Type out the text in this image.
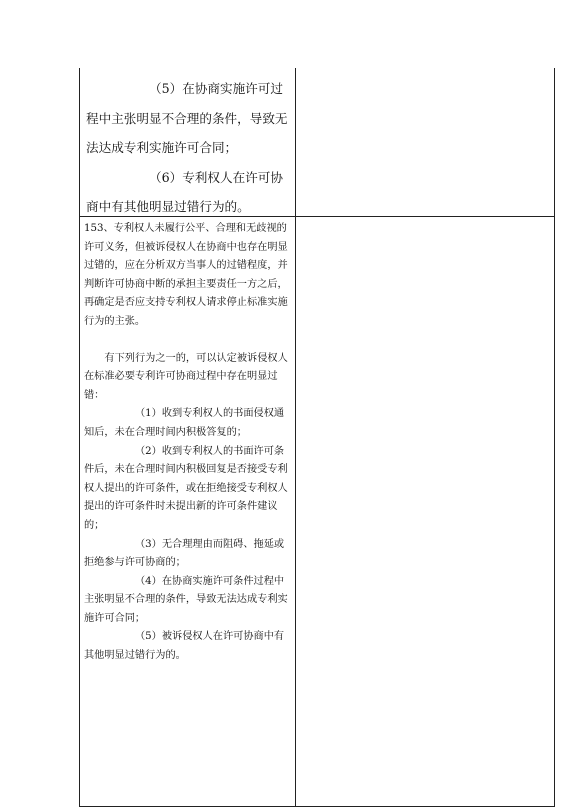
（5）在协商实施许可过程中主张明显不合理的条件，导致无法达成专利实施许可合同；

（6）专利权人在许可协商中有其他明显过错行为的。

153、专利权人未履行公平、合理和无歧视的许可义务，但被诉侵权人在协商中也存在明显过错的，应在分析双方当事人的过错程度，并判断许可协商中断的承担主要责任一方之后，再确定是否应支持专利权人请求停止标准实施行为的主张。

有下列行为之一的，可以认定被诉侵权人在标准必要专利许可协商过程中存在明显过错：

（1）收到专利权人的书面侵权通知后，未在合理时间内积极答复的；

（2）收到专利权人的书面许可条件后，未在合理时间内积极回复是否接受专利权人提出的许可条件，或在拒绝接受专利权人提出的许可条件时未提出新的许可条件建议的；

（3）无合理理由而阻碍、拖延或拒绝参与许可协商的；

（4）在协商实施许可条件过程中主张明显不合理的条件，导致无法达成专利实施许可合同；

（5）被诉侵权人在许可协商中有其他明显过错行为的。
